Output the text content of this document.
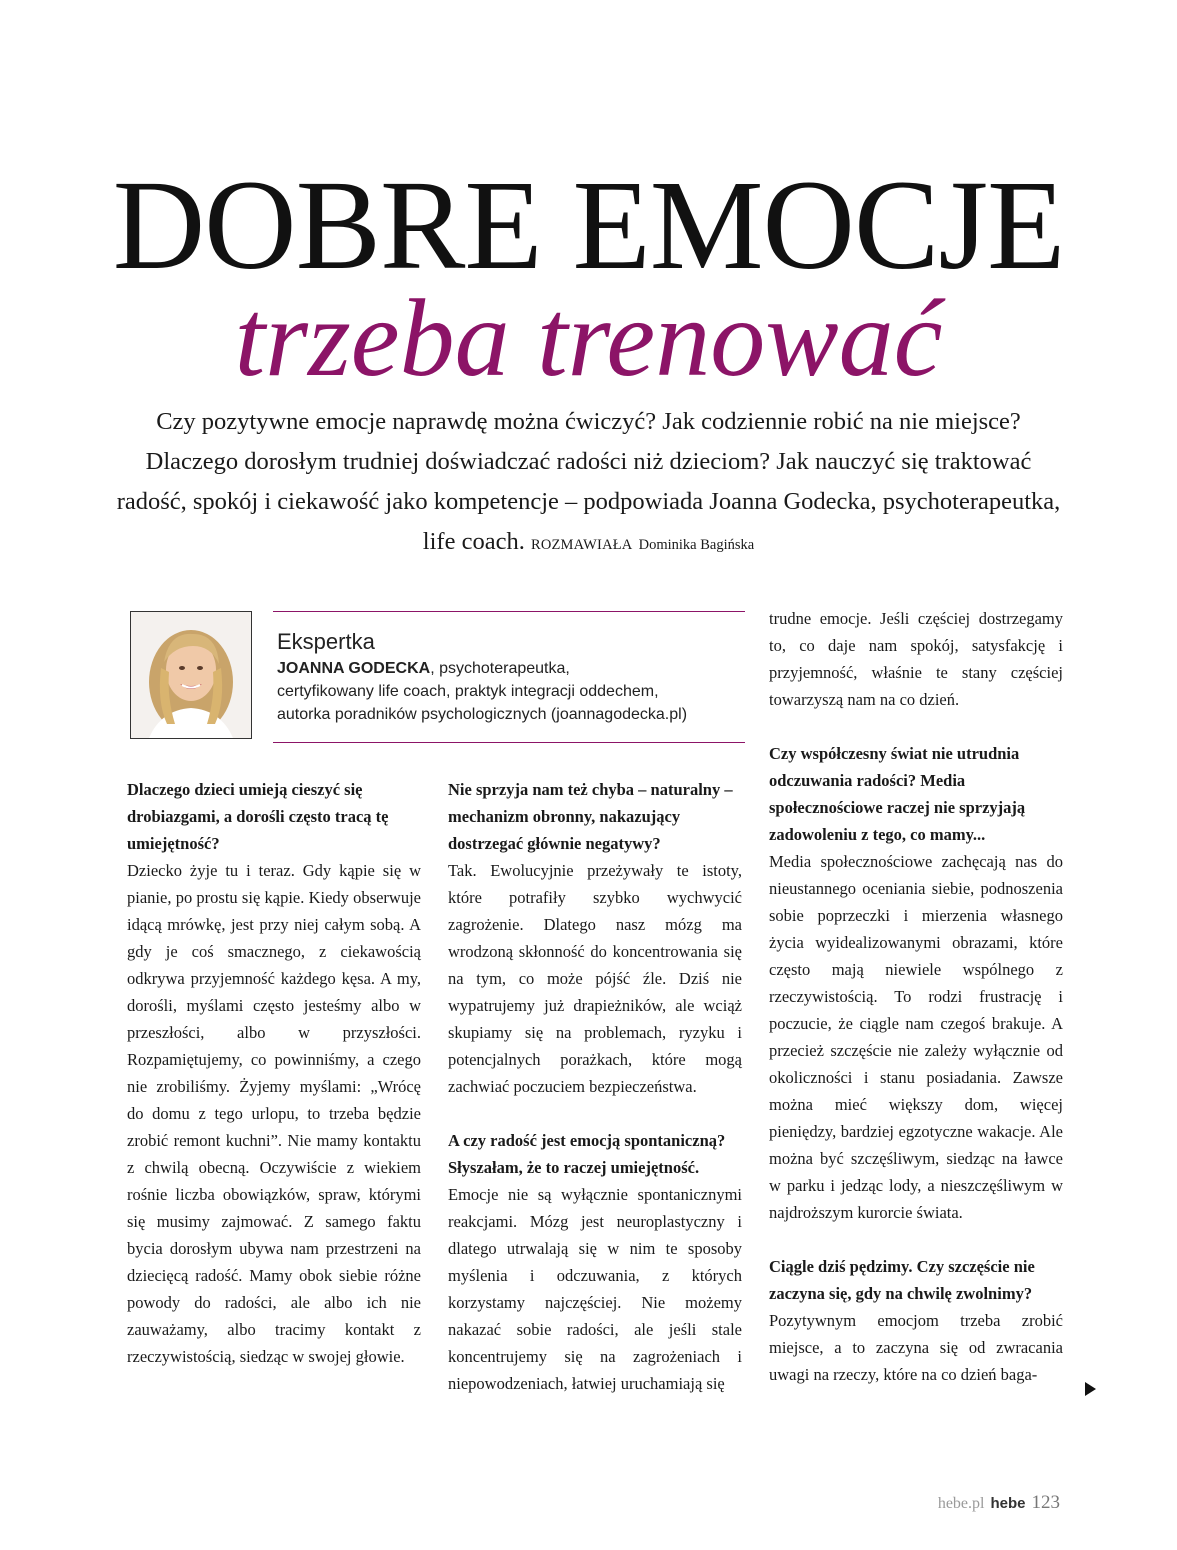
DOBRE EMOCJE
trzeba trenować
Czy pozytywne emocje naprawdę można ćwiczyć? Jak codziennie robić na nie miejsce? Dlaczego dorosłym trudniej doświadczać radości niż dzieciom? Jak nauczyć się traktować radość, spokój i ciekawość jako kompetencje – podpowiada Joanna Godecka, psychoterapeutka, life coach. ROZMAWIAŁA Dominika Bagińska
Ekspertka
JOANNA GODECKA, psychoterapeutka,
certyfikowany life coach, praktyk integracji oddechem,
autorka poradników psychologicznych (joannagodecka.pl)

Dlaczego dzieci umieją cieszyć się drobiazgami, a dorośli często tracą tę umiejętność?

Dziecko żyje tu i teraz. Gdy kąpie się w pianie, po prostu się kąpie. Kiedy obserwuje idącą mrówkę, jest przy niej całym sobą. A gdy je coś smacznego, z ciekawością odkrywa przyjemność każdego kęsa. A my, dorośli, myślami często jesteśmy albo w przeszłości, albo w przyszłości. Rozpamiętujemy, co powinniśmy, a czego nie zrobiliśmy. Żyjemy myślami: „Wrócę do domu z tego urlopu, to trzeba będzie zrobić remont kuchni”. Nie mamy kontaktu z chwilą obecną. Oczywiście z wiekiem rośnie liczba obowiązków, spraw, którymi się musimy zajmować. Z samego faktu bycia dorosłym ubywa nam przestrzeni na dziecięcą radość. Mamy obok siebie różne powody do radości, ale albo ich nie zauważamy, albo tracimy kontakt z rzeczywistością, siedząc w swojej głowie.

Nie sprzyja nam też chyba – naturalny – mechanizm obronny, nakazujący dostrzegać głównie negatywy?

Tak. Ewolucyjnie przeżywały te istoty, które potrafiły szybko wychwycić zagrożenie. Dlatego nasz mózg ma wrodzoną skłonność do koncentrowania się na tym, co może pójść źle. Dziś nie wypatrujemy już drapieżników, ale wciąż skupiamy się na problemach, ryzyku i potencjalnych porażkach, które mogą zachwiać poczuciem bezpieczeństwa.

A czy radość jest emocją spontaniczną? Słyszałam, że to raczej umiejętność.

Emocje nie są wyłącznie spontanicznymi reakcjami. Mózg jest neuroplastyczny i dlatego utrwalają się w nim te sposoby myślenia i odczuwania, z których korzystamy najczęściej. Nie możemy nakazać sobie radości, ale jeśli stale koncentrujemy się na zagrożeniach i niepowodzeniach, łatwiej uruchamiają się

trudne emocje. Jeśli częściej dostrzegamy to, co daje nam spokój, satysfakcję i przyjemność, właśnie te stany częściej towarzyszą nam na co dzień.

Czy współczesny świat nie utrudnia odczuwania radości? Media społecznościowe raczej nie sprzyjają zadowoleniu z tego, co mamy...

Media społecznościowe zachęcają nas do nieustannego oceniania siebie, podnoszenia sobie poprzeczki i mierzenia własnego życia wyidealizowanymi obrazami, które często mają niewiele wspólnego z rzeczywistością. To rodzi frustrację i poczucie, że ciągle nam czegoś brakuje. A przecież szczęście nie zależy wyłącznie od okoliczności i stanu posiadania. Zawsze można mieć większy dom, więcej pieniędzy, bardziej egzotyczne wakacje. Ale można być szczęśliwym, siedząc na ławce w parku i jedząc lody, a nieszczęśliwym w najdroższym kurorcie świata.

Ciągle dziś pędzimy. Czy szczęście nie zaczyna się, gdy na chwilę zwolnimy?

Pozytywnym emocjom trzeba zrobić miejsce, a to zaczyna się od zwracania uwagi na rzeczy, które na co dzień baga-

hebe.pl hebe 123
